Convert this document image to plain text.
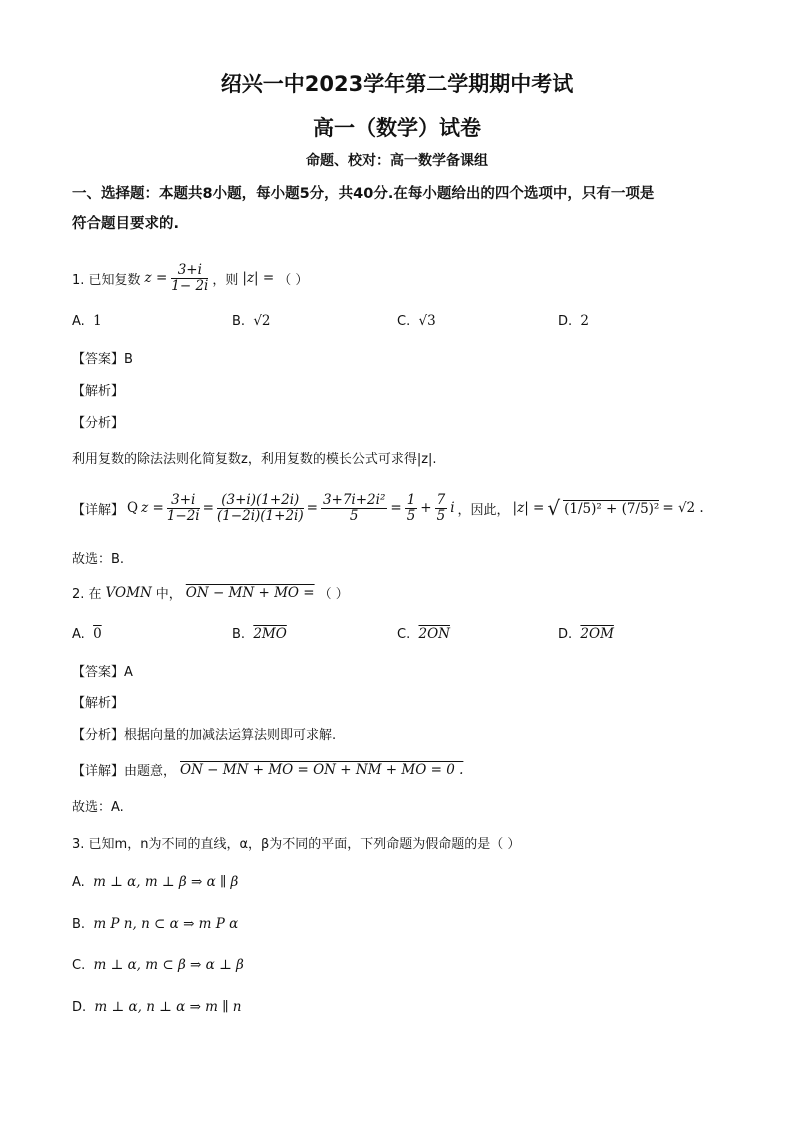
绍兴一中2023学年第二学期期中考试
高一（数学）试卷
命题、校对：高一数学备课组
一、选择题：本题共8小题，每小题5分，共40分.在每小题给出的四个选项中，只有一项是
符合题目要求的.
1. 已知复数 $z = \frac{3+i}{1- 2i}$ ，则 |z| = （ ）
A. 1	B. √2	C. √3	D. 2
【答案】B
【解析】
【分析】
利用复数的除法法则化简复数z，利用复数的模长公式可求得|z|.
【详解】 Q $z = \frac{3+i}{1-2i} = \frac{(3+i)(1+2i)}{(1-2i)(1+2i)} = \frac{\text{3+7i+2i²}}{5} = \frac{1}{5} + \frac{7}{5}$ i ，因此， |z| = √ (1/5)² + (7/5)² = √2 .
故选：B.
2. 在 VOMN 中， ON − MN + MO = （ ）
A. 0	B. 2MO	C. 2ON	D. 2OM
【答案】A
【解析】
【分析】根据向量的加减法运算法则即可求解.
【详解】由题意， ON − MN + MO = ON + NM + MO = 0 .
故选：A.
3. 已知m，n为不同的直线，α，β为不同的平面，下列命题为假命题的是（ ）
A. m ⊥ α, m ⊥ β ⇒ α ∥ β
B. m P n, n ⊂ α ⇒ m P α
C. m ⊥ α, m ⊂ β ⇒ α ⊥ β
D. m ⊥ α, n ⊥ α ⇒ m ∥ n
